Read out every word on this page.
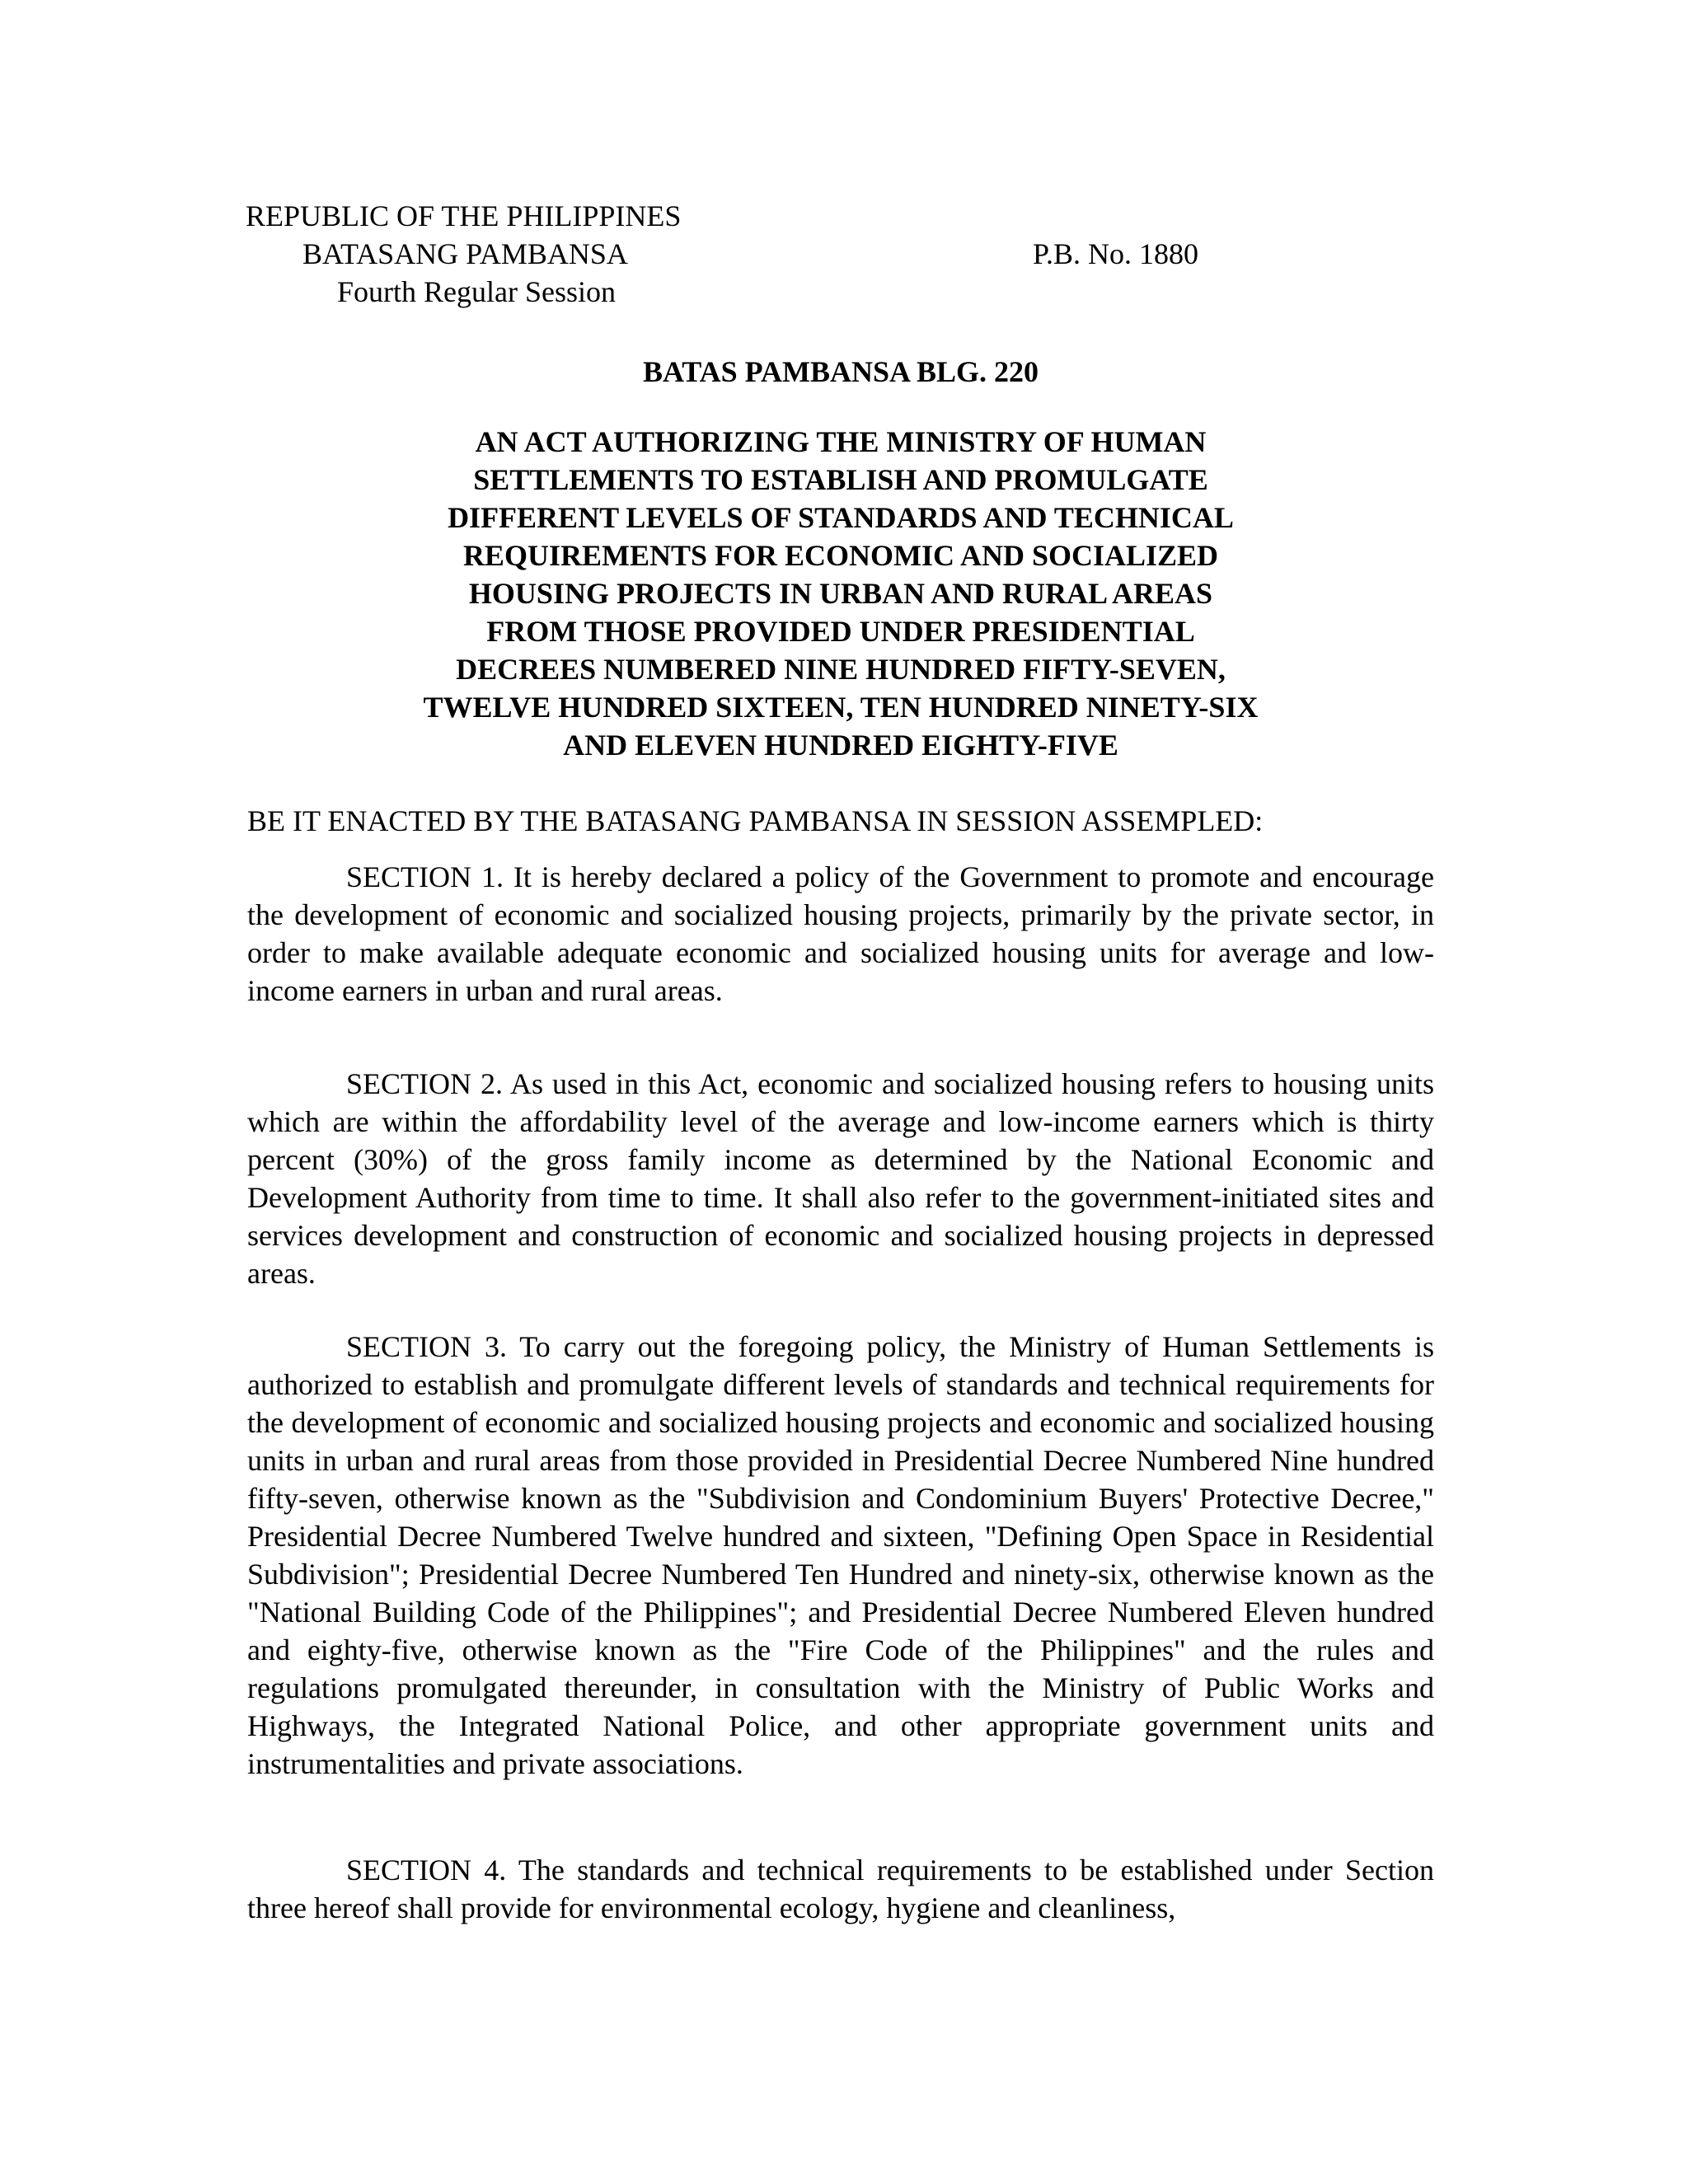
REPUBLIC OF THE PHILIPPINES
BATASANG PAMBANSA
Fourth Regular Session
P.B. No. 1880
BATAS PAMBANSA BLG. 220
AN ACT AUTHORIZING THE MINISTRY OF HUMAN
SETTLEMENTS TO ESTABLISH AND PROMULGATE
DIFFERENT LEVELS OF STANDARDS AND TECHNICAL
REQUIREMENTS FOR ECONOMIC AND SOCIALIZED
HOUSING PROJECTS IN URBAN AND RURAL AREAS
FROM THOSE PROVIDED UNDER PRESIDENTIAL
DECREES NUMBERED NINE HUNDRED FIFTY-SEVEN,
TWELVE HUNDRED SIXTEEN, TEN HUNDRED NINETY-SIX
AND ELEVEN HUNDRED EIGHTY-FIVE
BE IT ENACTED BY THE BATASANG PAMBANSA IN SESSION ASSEMPLED:

SECTION 1. It is hereby declared a policy of the Government to promote and encourage the development of economic and socialized housing projects, primarily by the private sector, in order to make available adequate economic and socialized housing units for average and low-income earners in urban and rural areas.

SECTION 2. As used in this Act, economic and socialized housing refers to housing units which are within the affordability level of the average and low-income earners which is thirty percent (30%) of the gross family income as determined by the National Economic and Development Authority from time to time. It shall also refer to the government-initiated sites and services development and construction of economic and socialized housing projects in depressed areas.

SECTION 3. To carry out the foregoing policy, the Ministry of Human Settlements is authorized to establish and promulgate different levels of standards and technical requirements for the development of economic and socialized housing projects and economic and socialized housing units in urban and rural areas from those provided in Presidential Decree Numbered Nine hundred fifty-seven, otherwise known as the "Subdivision and Condominium Buyers' Protective Decree," Presidential Decree Numbered Twelve hundred and sixteen, "Defining Open Space in Residential Subdivision"; Presidential Decree Numbered Ten Hundred and ninety-six, otherwise known as the "National Building Code of the Philippines"; and Presidential Decree Numbered Eleven hundred and eighty-five, otherwise known as the "Fire Code of the Philippines" and the rules and regulations promulgated thereunder, in consultation with the Ministry of Public Works and Highways, the Integrated National Police, and other appropriate government units and instrumentalities and private associations.

SECTION 4. The standards and technical requirements to be established under Section three hereof shall provide for environmental ecology, hygiene and cleanliness,
